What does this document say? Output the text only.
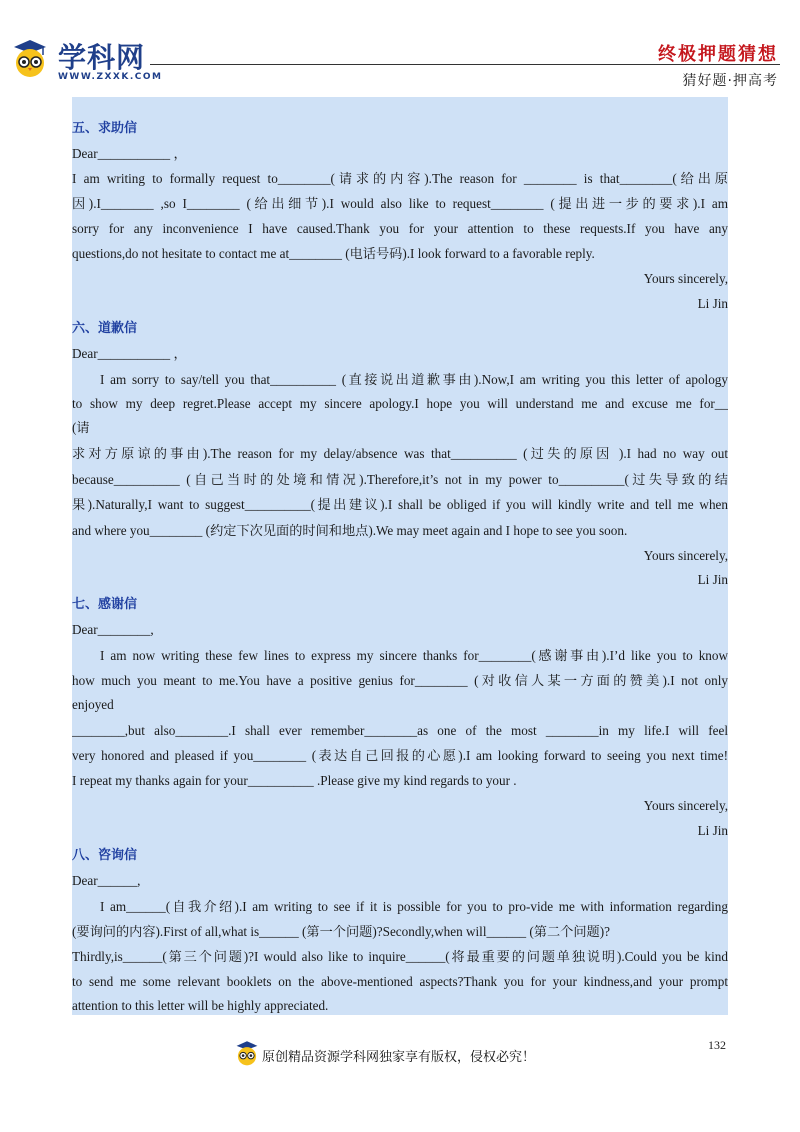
学科网
WWW.ZXXK.COM
终极押题猜想
猜好题·押高考
五、求助信
Dear___________ ，
I am writing to formally request to________(请求的内容).The reason for ________ is that________(给出原
因).I________ ,so I________ (给出细节).I would also like to request________ (提出进一步的要求).I am
sorry for any inconvenience I have caused.Thank you for your attention to these requests.If you have any
questions,do not hesitate to contact me at________ (电话号码).I look forward to a favorable reply.
Yours sincerely,
Li Jin
六、道歉信
Dear___________ ，
I am sorry to say/tell you that__________ (直接说出道歉事由).Now,I am writing you this letter of apology
to show my deep regret.Please accept my sincere apology.I hope you will understand me and excuse me for__
(请
求对方原谅的事由).The reason for my delay/absence was that__________ (过失的原因 ).I had no way out
because__________ (自己当时的处境和情况).Therefore,it’s not in my power to__________(过失导致的结
果).Naturally,I want to suggest__________(提出建议).I shall be obliged if you will kindly write and tell me when
and where you________ (约定下次见面的时间和地点).We may meet again and I hope to see you soon.
Yours sincerely,
Li Jin
七、感谢信
Dear________,
I am now writing these few lines to express my sincere thanks for________(感谢事由).I’d like you to know
how much you meant to me.You have a positive genius for________ (对收信人某一方面的赞美).I not only
enjoyed
________,but also________.I shall ever remember________as one of the most ________in my life.I will feel
very honored and pleased if you________ (表达自己回报的心愿).I am looking forward to seeing you next time!
I repeat my thanks again for your__________ .Please give my kind regards to your .
Yours sincerely,
Li Jin
八、咨询信
Dear______,
I am______(自我介绍).I am writing to see if it is possible for you to pro-vide me with information regarding
(要询问的内容).First of all,what is______ (第一个问题)?Secondly,when will______ (第二个问题)?
Thirdly,is______(第三个问题)?I would also like to inquire______(将最重要的问题单独说明).Could you be kind
to send me some relevant booklets on the above-mentioned aspects?Thank you for your kindness,and your prompt
attention to this letter will be highly appreciated.
原创精品资源学科网独家享有版权，侵权必究！
132
